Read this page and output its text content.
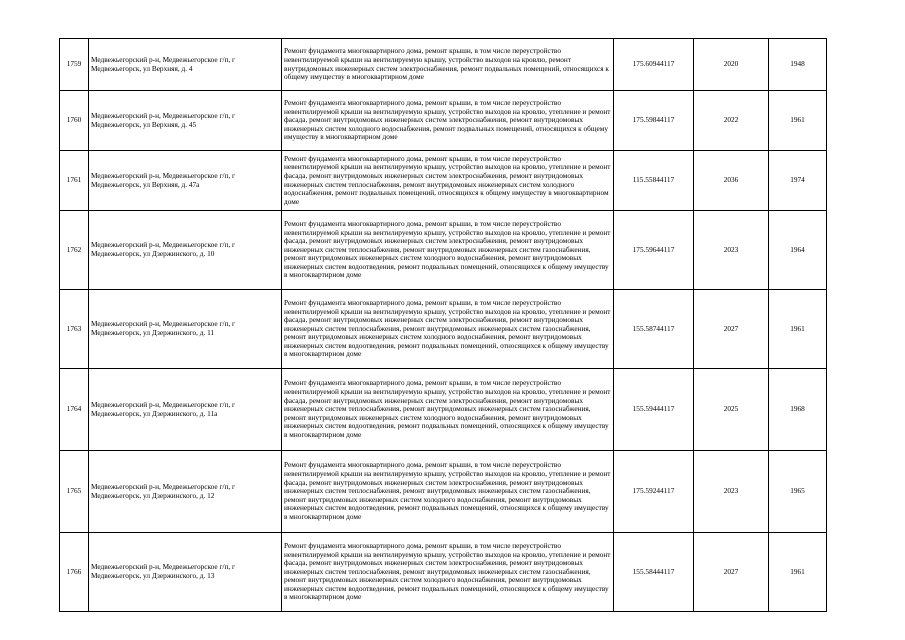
1759	Медвежьегорский р-н, Медвежьегорское г/п, г Медвежьегорск, ул Верхняя, д. 4	Ремонт фундамента многоквартирного дома, ремонт крыши, в том числе переустройство невентилируемой крыши на вентилируемую крышу, устройство выходов на кровлю, ремонт внутридомовых инженерных систем электроснабжения, ремонт подвальных помещений, относящихся к общему имуществу в многоквартирном доме	175.60944117	2020	1948
1760	Медвежьегорский р-н, Медвежьегорское г/п, г Медвежьегорск, ул Верхняя, д. 45	Ремонт фундамента многоквартирного дома, ремонт крыши, в том числе переустройство невентилируемой крыши на вентилируемую крышу, устройство выходов на кровлю, утепление и ремонт фасада, ремонт внутридомовых инженерных систем электроснабжения, ремонт внутридомовых инженерных систем холодного водоснабжения, ремонт подвальных помещений, относящихся к общему имуществу в многоквартирном доме	175.59844117	2022	1961
1761	Медвежьегорский р-н, Медвежьегорское г/п, г Медвежьегорск, ул Верхняя, д. 47а	Ремонт фундамента многоквартирного дома, ремонт крыши, в том числе переустройство невентилируемой крыши на вентилируемую крышу, устройство выходов на кровлю, утепление и ремонт фасада, ремонт внутридомовых инженерных систем электроснабжения, ремонт внутридомовых инженерных систем теплоснабжения, ремонт внутридомовых инженерных систем холодного водоснабжения, ремонт подвальных помещений, относящихся к общему имуществу в многоквартирном доме	115.55844117	2036	1974
1762	Медвежьегорский р-н, Медвежьегорское г/п, г Медвежьегорск, ул Дзержинского, д. 10	Ремонт фундамента многоквартирного дома, ремонт крыши, в том числе переустройство невентилируемой крыши на вентилируемую крышу, устройство выходов на кровлю, утепление и ремонт фасада, ремонт внутридомовых инженерных систем электроснабжения, ремонт внутридомовых инженерных систем теплоснабжения, ремонт внутридомовых инженерных систем газоснабжения, ремонт внутридомовых инженерных систем холодного водоснабжения, ремонт внутридомовых инженерных систем водоотведения, ремонт подвальных помещений, относящихся к общему имуществу в многоквартирном доме	175.59644117	2023	1964
1763	Медвежьегорский р-н, Медвежьегорское г/п, г Медвежьегорск, ул Дзержинского, д. 11	Ремонт фундамента многоквартирного дома, ремонт крыши, в том числе переустройство невентилируемой крыши на вентилируемую крышу, устройство выходов на кровлю, утепление и ремонт фасада, ремонт внутридомовых инженерных систем электроснабжения, ремонт внутридомовых инженерных систем теплоснабжения, ремонт внутридомовых инженерных систем газоснабжения, ремонт внутридомовых инженерных систем холодного водоснабжения, ремонт внутридомовых инженерных систем водоотведения, ремонт подвальных помещений, относящихся к общему имуществу в многоквартирном доме	155.58744117	2027	1961
1764	Медвежьегорский р-н, Медвежьегорское г/п, г Медвежьегорск, ул Дзержинского, д. 11а	Ремонт фундамента многоквартирного дома, ремонт крыши, в том числе переустройство невентилируемой крыши на вентилируемую крышу, устройство выходов на кровлю, утепление и ремонт фасада, ремонт внутридомовых инженерных систем электроснабжения, ремонт внутридомовых инженерных систем теплоснабжения, ремонт внутридомовых инженерных систем газоснабжения, ремонт внутридомовых инженерных систем холодного водоснабжения, ремонт внутридомовых инженерных систем водоотведения, ремонт подвальных помещений, относящихся к общему имуществу в многоквартирном доме	155.59444117	2025	1968
1765	Медвежьегорский р-н, Медвежьегорское г/п, г Медвежьегорск, ул Дзержинского, д. 12	Ремонт фундамента многоквартирного дома, ремонт крыши, в том числе переустройство невентилируемой крыши на вентилируемую крышу, устройство выходов на кровлю, утепление и ремонт фасада, ремонт внутридомовых инженерных систем электроснабжения, ремонт внутридомовых инженерных систем теплоснабжения, ремонт внутридомовых инженерных систем газоснабжения, ремонт внутридомовых инженерных систем холодного водоснабжения, ремонт внутридомовых инженерных систем водоотведения, ремонт подвальных помещений, относящихся к общему имуществу в многоквартирном доме	175.59244117	2023	1965
1766	Медвежьегорский р-н, Медвежьегорское г/п, г Медвежьегорск, ул Дзержинского, д. 13	Ремонт фундамента многоквартирного дома, ремонт крыши, в том числе переустройство невентилируемой крыши на вентилируемую крышу, устройство выходов на кровлю, утепление и ремонт фасада, ремонт внутридомовых инженерных систем электроснабжения, ремонт внутридомовых инженерных систем теплоснабжения, ремонт внутридомовых инженерных систем газоснабжения, ремонт внутридомовых инженерных систем холодного водоснабжения, ремонт внутридомовых инженерных систем водоотведения, ремонт подвальных помещений, относящихся к общему имуществу в многоквартирном доме	155.58444117	2027	1961
